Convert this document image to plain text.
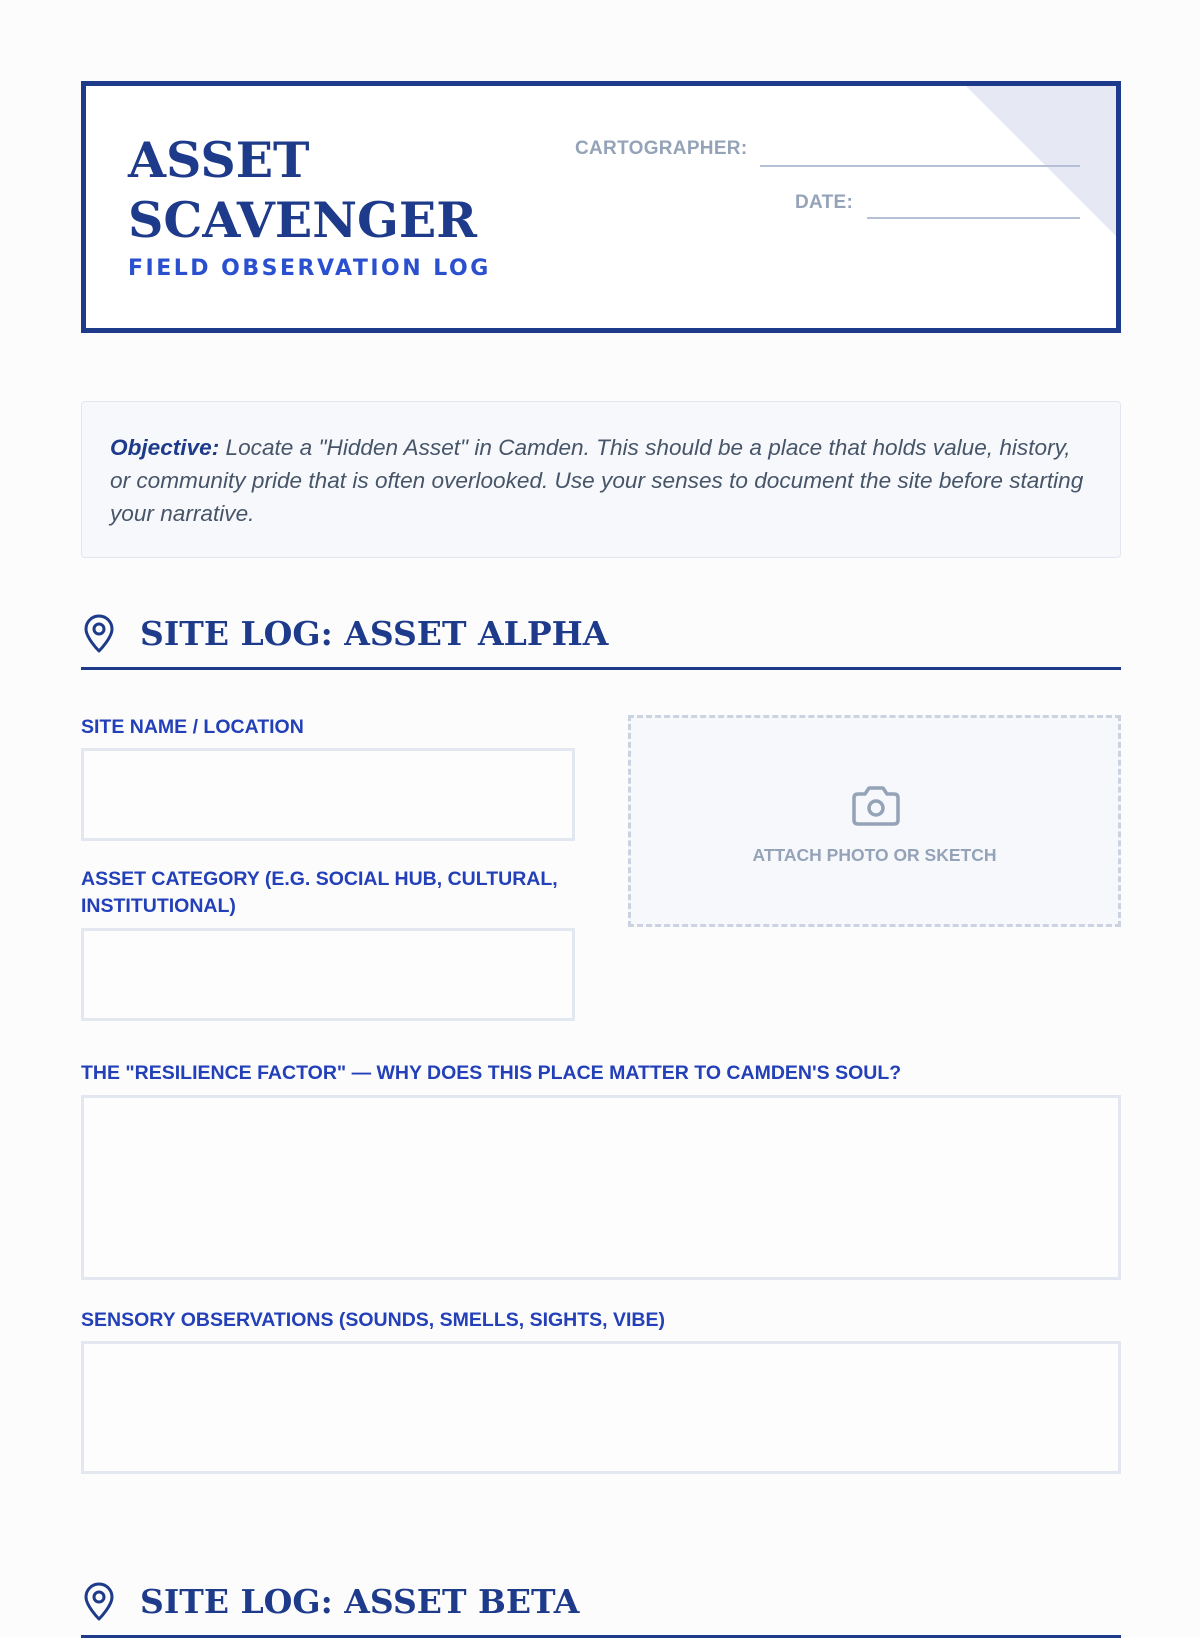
ASSET
SCAVENGER
FIELD OBSERVATION LOG
CARTOGRAPHER:
DATE:
Objective: Locate a "Hidden Asset" in Camden. This should be a place that holds value, history, or community pride that is often overlooked. Use your senses to document the site before starting your narrative.
SITE LOG: ASSET ALPHA
SITE NAME / LOCATION
ASSET CATEGORY (E.G. SOCIAL HUB, CULTURAL, INSTITUTIONAL)
ATTACH PHOTO OR SKETCH
THE "RESILIENCE FACTOR" — WHY DOES THIS PLACE MATTER TO CAMDEN'S SOUL?
SENSORY OBSERVATIONS (SOUNDS, SMELLS, SIGHTS, VIBE)
SITE LOG: ASSET BETA
